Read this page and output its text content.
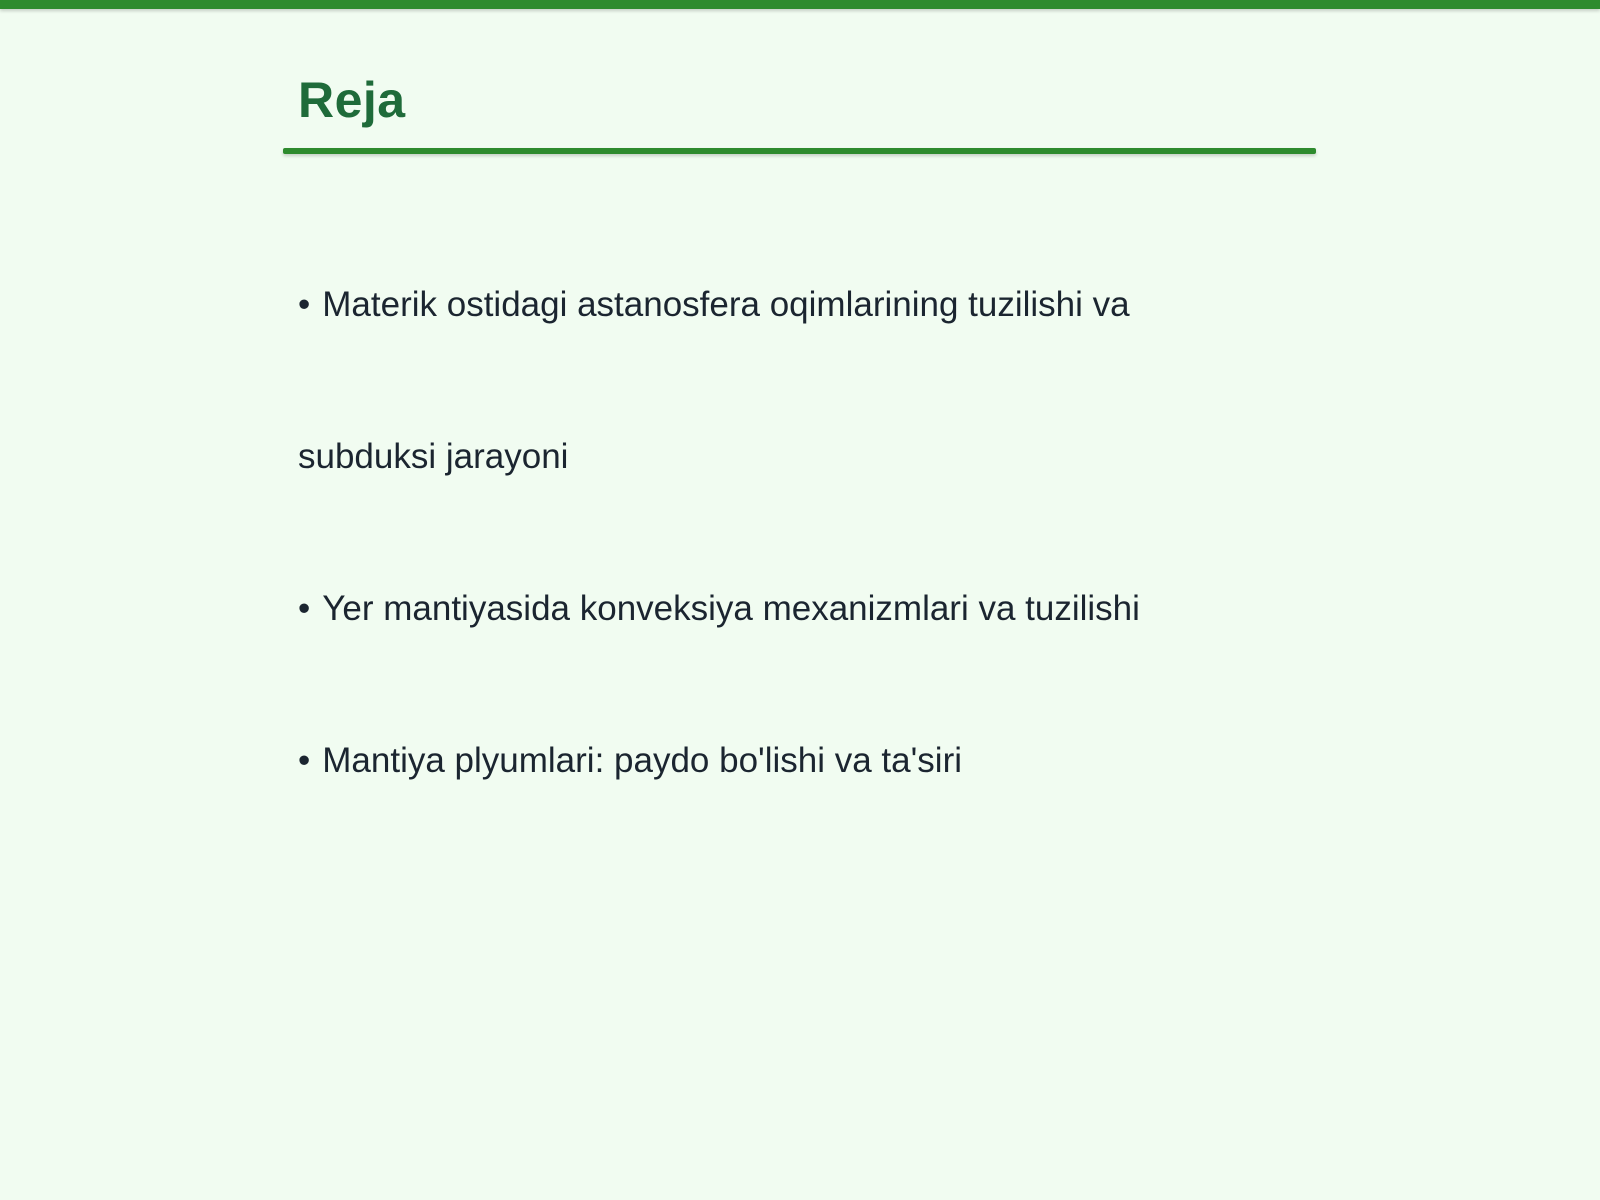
Reja
• Materik ostidagi astanosfera oqimlarining tuzilishi va
subduksi jarayoni
• Yer mantiyasida konveksiya mexanizmlari va tuzilishi
• Mantiya plyumlari: paydo bo'lishi va ta'siri
